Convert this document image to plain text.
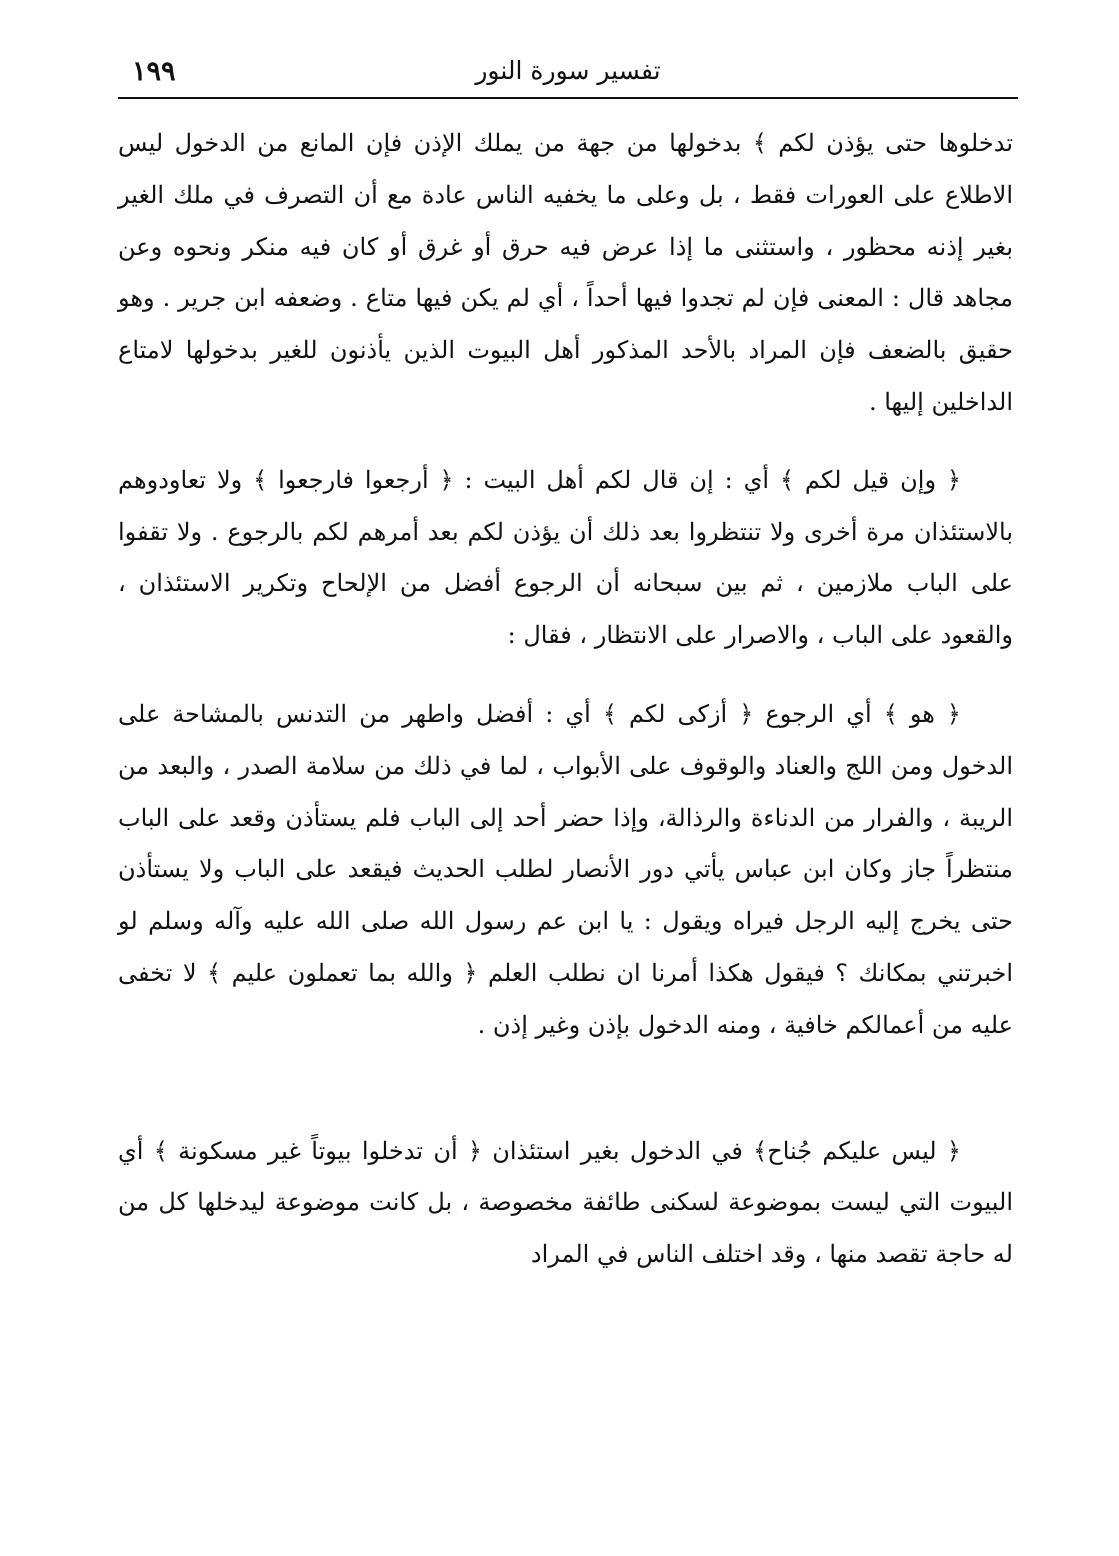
١٩٩	تفسير سورة النور

تدخلوها حتى يؤذن لكم ﴾ بدخولها من جهة من يملك الإذن فإن المانع من الدخول ليس الاطلاع على العورات فقط ، بل وعلى ما يخفيه الناس عادة مع أن التصرف في ملك الغير بغير إذنه محظور ، واستثنى ما إذا عرض فيه حرق أو غرق أو كان فيه منكر ونحوه وعن مجاهد قال : المعنى فإن لم تجدوا فيها أحداً ، أي لم يكن فيها متاع . وضعفه ابن جرير . وهو حقيق بالضعف فإن المراد بالأحد المذكور أهل البيوت الذين يأذنون للغير بدخولها لامتاع الداخلين إليها .

﴿ وإن قيل لكم ﴾ أي : إن قال لكم أهل البيت : ﴿ أرجعوا فارجعوا ﴾ ولا تعاودوهم بالاستئذان مرة أخرى ولا تنتظروا بعد ذلك أن يؤذن لكم بعد أمرهم لكم بالرجوع . ولا تقفوا على الباب ملازمين ، ثم بين سبحانه أن الرجوع أفضل من الإلحاح وتكرير الاستئذان ، والقعود على الباب ، والاصرار على الانتظار ، فقال :

﴿ هو ﴾ أي الرجوع ﴿ أزكى لكم ﴾ أي : أفضل واطهر من التدنس بالمشاحة على الدخول ومن اللج والعناد والوقوف على الأبواب ، لما في ذلك من سلامة الصدر ، والبعد من الريبة ، والفرار من الدناءة والرذالة، وإذا حضر أحد إلى الباب فلم يستأذن وقعد على الباب منتظراً جاز وكان ابن عباس يأتي دور الأنصار لطلب الحديث فيقعد على الباب ولا يستأذن حتى يخرج إليه الرجل فيراه ويقول : يا ابن عم رسول الله صلى الله عليه وآله وسلم لو اخبرتني بمكانك ؟ فيقول هكذا أمرنا ان نطلب العلم ﴿ والله بما تعملون عليم ﴾ لا تخفى عليه من أعمالكم خافية ، ومنه الدخول بإذن وغير إذن .

﴿ ليس عليكم جُناح﴾ في الدخول بغير استئذان ﴿ أن تدخلوا بيوتاً غير مسكونة ﴾ أي البيوت التي ليست بموضوعة لسكنى طائفة مخصوصة ، بل كانت موضوعة ليدخلها كل من له حاجة تقصد منها ، وقد اختلف الناس في المراد
